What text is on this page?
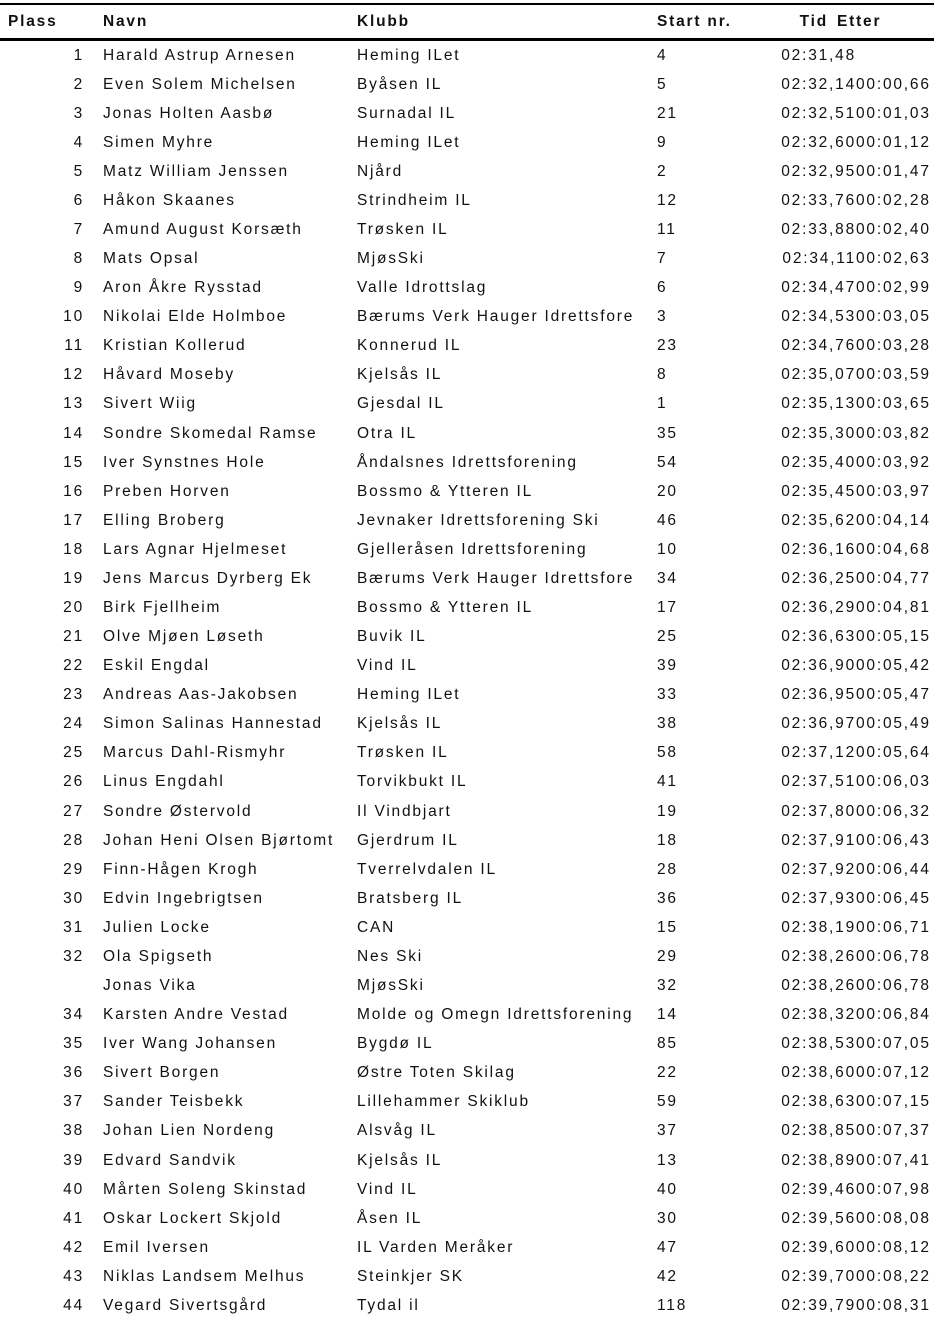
Plass	Navn	Klubb	Start nr.	Tid	Etter
1	Harald Astrup Arnesen	Heming ILet	4	02:31,48	
2	Even Solem Michelsen	Byåsen IL	5	02:32,14	00:00,66
3	Jonas Holten Aasbø	Surnadal IL	21	02:32,51	00:01,03
4	Simen Myhre	Heming ILet	9	02:32,60	00:01,12
5	Matz William Jenssen	Njård	2	02:32,95	00:01,47
6	Håkon Skaanes	Strindheim IL	12	02:33,76	00:02,28
7	Amund August Korsæth	Trøsken IL	11	02:33,88	00:02,40
8	Mats Opsal	MjøsSki	7	02:34,11	00:02,63
9	Aron Åkre Rysstad	Valle Idrottslag	6	02:34,47	00:02,99
10	Nikolai Elde Holmboe	Bærums Verk Hauger Idrettsfore	3	02:34,53	00:03,05
11	Kristian Kollerud	Konnerud IL	23	02:34,76	00:03,28
12	Håvard Moseby	Kjelsås IL	8	02:35,07	00:03,59
13	Sivert Wiig	Gjesdal IL	1	02:35,13	00:03,65
14	Sondre Skomedal Ramse	Otra IL	35	02:35,30	00:03,82
15	Iver Synstnes Hole	Åndalsnes Idrettsforening	54	02:35,40	00:03,92
16	Preben Horven	Bossmo & Ytteren IL	20	02:35,45	00:03,97
17	Elling Broberg	Jevnaker Idrettsforening Ski	46	02:35,62	00:04,14
18	Lars Agnar Hjelmeset	Gjelleråsen Idrettsforening	10	02:36,16	00:04,68
19	Jens Marcus Dyrberg Ek	Bærums Verk Hauger Idrettsfore	34	02:36,25	00:04,77
20	Birk Fjellheim	Bossmo & Ytteren IL	17	02:36,29	00:04,81
21	Olve Mjøen Løseth	Buvik IL	25	02:36,63	00:05,15
22	Eskil Engdal	Vind IL	39	02:36,90	00:05,42
23	Andreas Aas-Jakobsen	Heming ILet	33	02:36,95	00:05,47
24	Simon Salinas Hannestad	Kjelsås IL	38	02:36,97	00:05,49
25	Marcus Dahl-Rismyhr	Trøsken IL	58	02:37,12	00:05,64
26	Linus Engdahl	Torvikbukt IL	41	02:37,51	00:06,03
27	Sondre Østervold	Il Vindbjart	19	02:37,80	00:06,32
28	Johan Heni Olsen Bjørtomt	Gjerdrum IL	18	02:37,91	00:06,43
29	Finn-Hågen Krogh	Tverrelvdalen IL	28	02:37,92	00:06,44
30	Edvin Ingebrigtsen	Bratsberg IL	36	02:37,93	00:06,45
31	Julien Locke	CAN	15	02:38,19	00:06,71
32	Ola Spigseth	Nes Ski	29	02:38,26	00:06,78
	Jonas Vika	MjøsSki	32	02:38,26	00:06,78
34	Karsten Andre Vestad	Molde og Omegn Idrettsforening	14	02:38,32	00:06,84
35	Iver Wang Johansen	Bygdø IL	85	02:38,53	00:07,05
36	Sivert Borgen	Østre Toten Skilag	22	02:38,60	00:07,12
37	Sander Teisbekk	Lillehammer Skiklub	59	02:38,63	00:07,15
38	Johan Lien Nordeng	Alsvåg IL	37	02:38,85	00:07,37
39	Edvard Sandvik	Kjelsås IL	13	02:38,89	00:07,41
40	Mårten Soleng Skinstad	Vind IL	40	02:39,46	00:07,98
41	Oskar Lockert Skjold	Åsen IL	30	02:39,56	00:08,08
42	Emil Iversen	IL Varden Meråker	47	02:39,60	00:08,12
43	Niklas Landsem Melhus	Steinkjer SK	42	02:39,70	00:08,22
44	Vegard Sivertsgård	Tydal il	118	02:39,79	00:08,31
